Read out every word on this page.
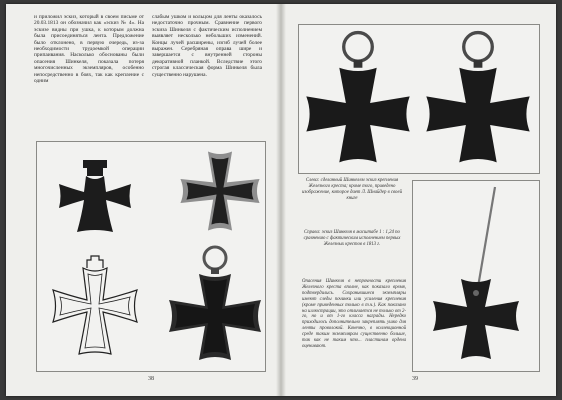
и приложил эскиз, который в своем письме от 20.03.1813 он обозначил как «эскиз № 4». На эскизе видны при ушка, к которым должна была присоединяться лента. Предложение было отклонено, в первую очередь, из-за необходимости трудоемкой операции припаивания. Насколько обоснованы были опасения Шинкеля, показала потеря многочисленных экземпляров, особенно непосредственно в боях, так как крепление с одним

слабым ушком и кольцом для ленты оказалось недостаточно прочным. Сравнение первого эскиза Шинкеля с фактическим исполнением выявляет несколько небольших изменений. Концы лучей расширены, изгиб лучей более выражен. Серебряная оправа шире и завершается с внутренней стороны декоративной планкой. Вследствие этого строгая классическая форма Шинкеля была существенно нарушена.

38
Слева: сделанный Шинкелем эскиз крепления Железного креста; кроме того, приведено изображение, которое дает Л. Шнайдер в своей книге
Справа: эскиз Шинкеля в масштабе 1 : 1,24 по сравнению с фактическим исполнением первых Железных крестов в 1813 г.
Опасения Шинкеля в непрочности крепления Железного креста вполне, как показало время, подтвердились. Сохранившиеся экземпляры имеют следы починки или усиления крепления (кроме приведенных только в т.ч.). Как показано на иллюстрации, это отличается не только от 2-го, но и от 1-го класса награды. Нередко приходилось дополнительно закреплять ушко для ленты проволокой. Конечно, в коллекционной среде таким экземплярам существенно больше, так как не таким что... пластинам ордена оценивают.
39
